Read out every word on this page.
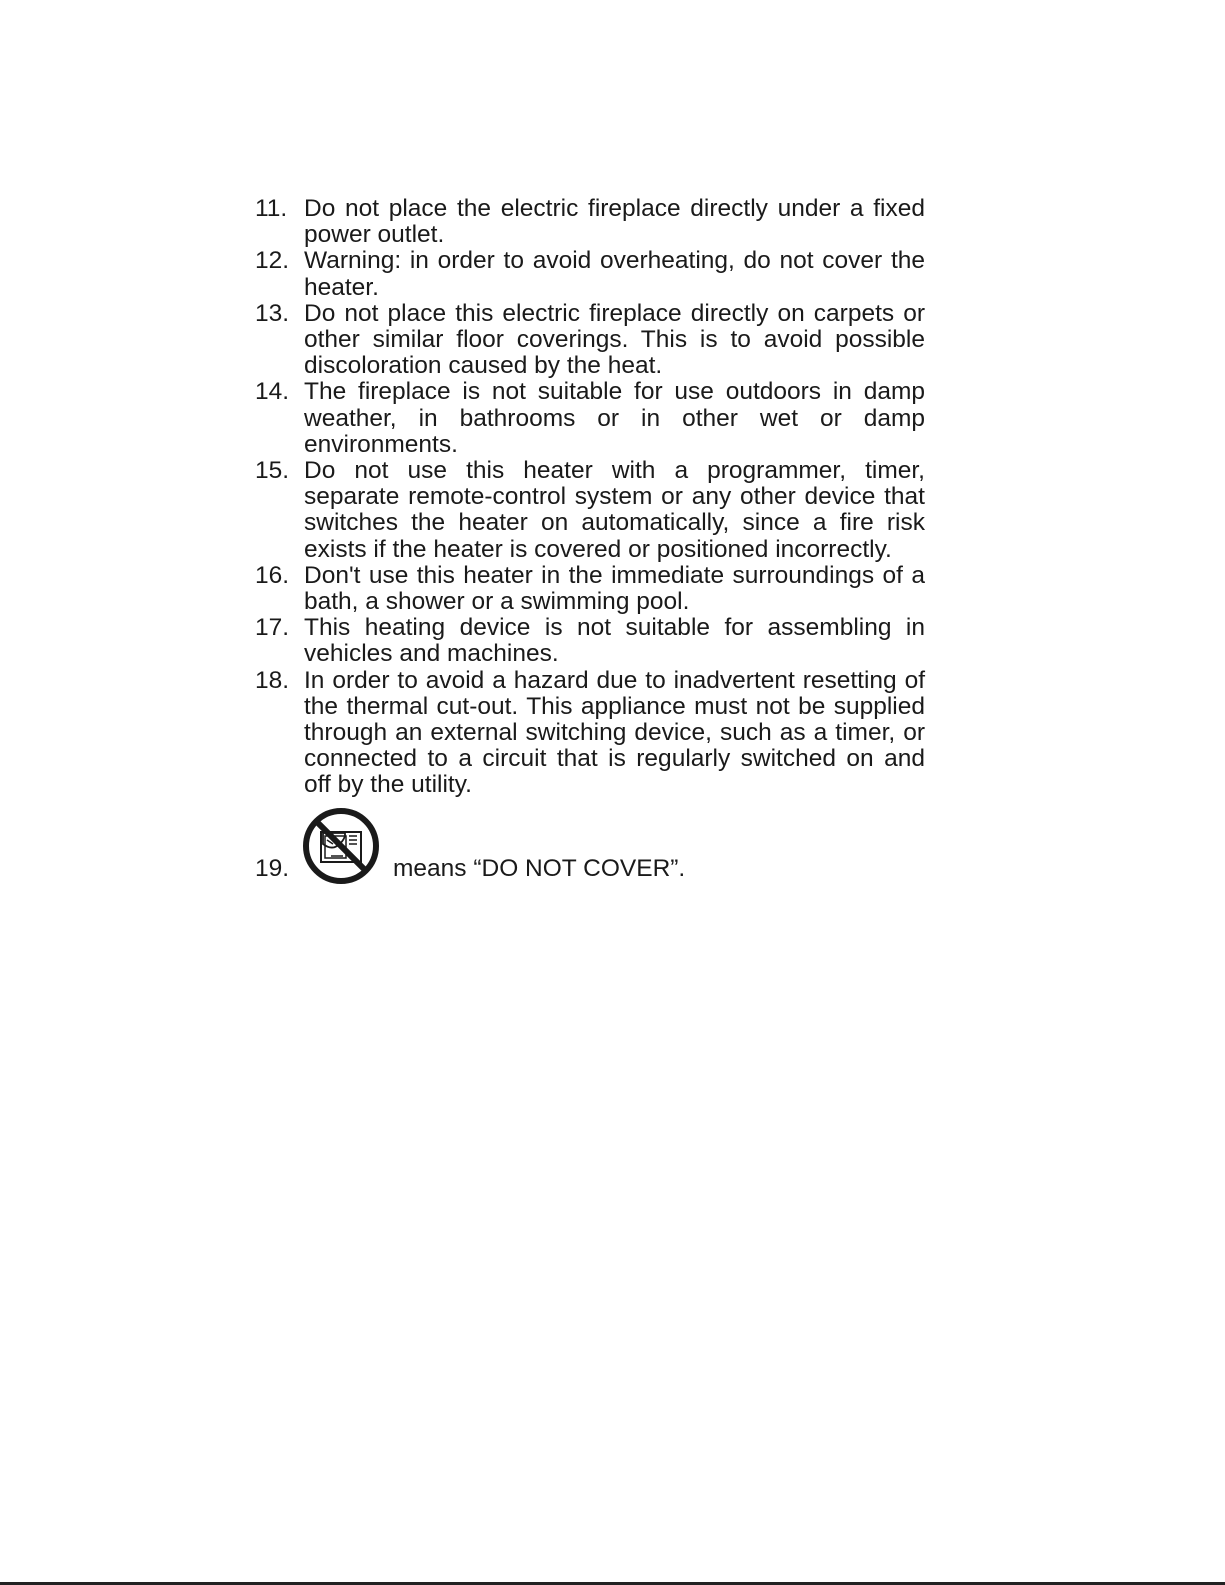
11. Do not place the electric fireplace directly under a fixed power outlet.
12. Warning: in order to avoid overheating, do not cover the heater.
13. Do not place this electric fireplace directly on carpets or other similar floor coverings. This is to avoid possible discoloration caused by the heat.
14. The fireplace is not suitable for use outdoors in damp weather, in bathrooms or in other wet or damp environments.
15. Do not use this heater with a programmer, timer, separate remote-control system or any other device that switches the heater on automatically, since a fire risk exists if the heater is covered or positioned incorrectly.
16. Don't use this heater in the immediate surroundings of a bath, a shower or a swimming pool.
17. This heating device is not suitable for assembling in vehicles and machines.
18. In order to avoid a hazard due to inadvertent resetting of the thermal cut-out. This appliance must not be supplied through an external switching device, such as a timer, or connected to a circuit that is regularly switched on and off by the utility.
19.	means “DO NOT COVER”.
